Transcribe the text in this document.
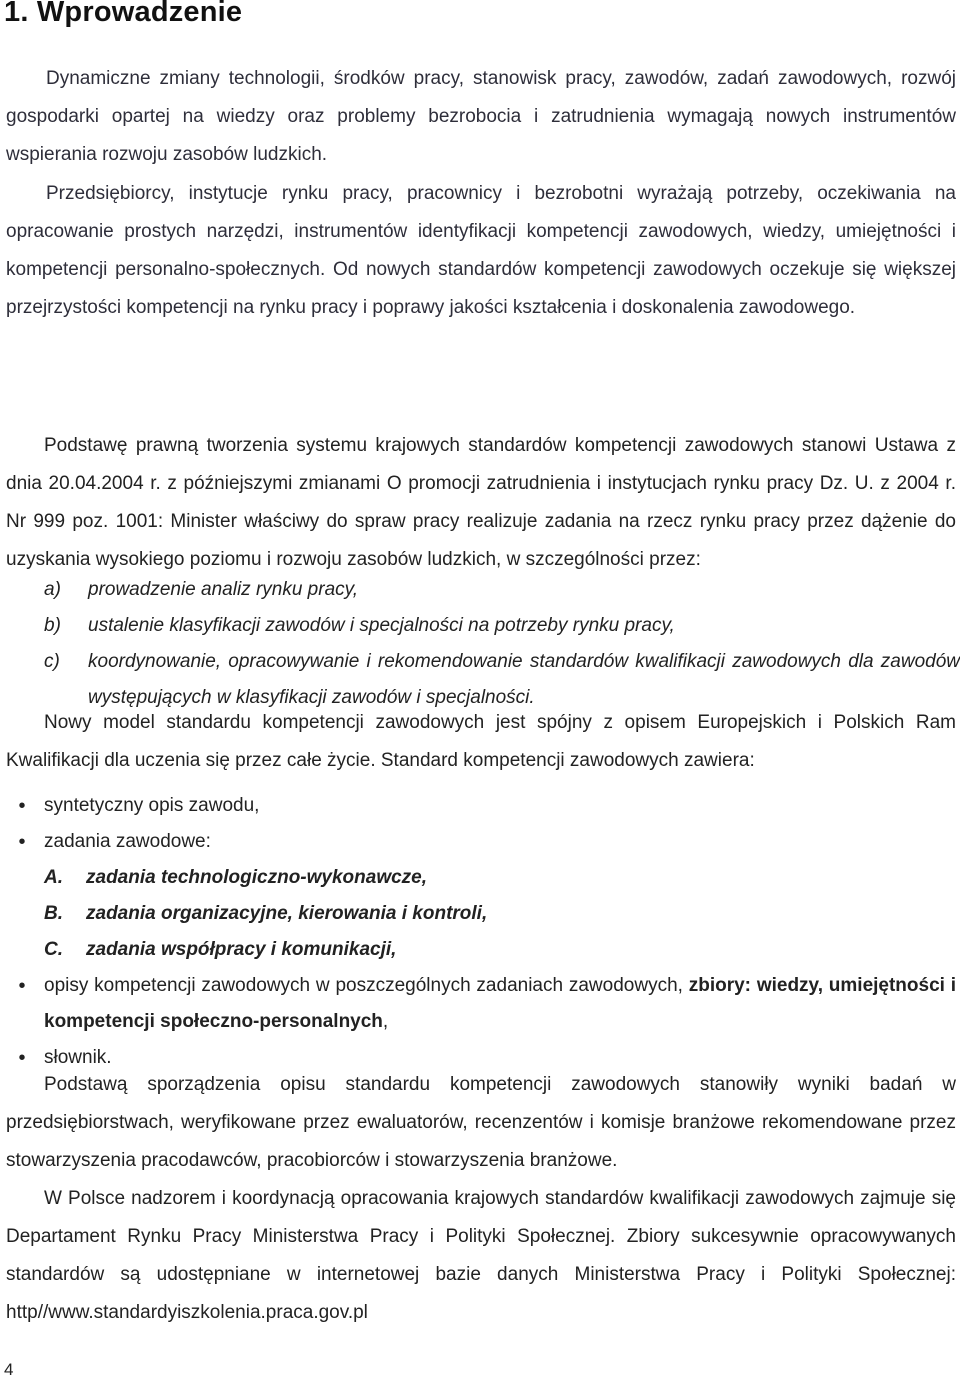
1. Wprowadzenie
Dynamiczne zmiany technologii, środków pracy, stanowisk pracy, zawodów, zadań zawodowych, rozwój gospodarki opartej na wiedzy oraz problemy bezrobocia i zatrudnienia wymagają nowych instrumentów wspierania rozwoju zasobów ludzkich.
Przedsiębiorcy, instytucje rynku pracy, pracownicy i bezrobotni wyrażają potrzeby, oczekiwania na opracowanie prostych narzędzi, instrumentów identyfikacji kompetencji zawodowych, wiedzy, umiejętności i kompetencji personalno-społecznych. Od nowych standardów kompetencji zawodowych oczekuje się większej przejrzystości kompetencji na rynku pracy i poprawy jakości kształcenia i doskonalenia zawodowego.
Podstawę prawną tworzenia systemu krajowych standardów kompetencji zawodowych stanowi Ustawa z dnia 20.04.2004 r. z późniejszymi zmianami O promocji zatrudnienia i instytucjach rynku pracy Dz. U. z 2004 r. Nr 999 poz. 1001: Minister właściwy do spraw pracy realizuje zadania na rzecz rynku pracy przez dążenie do uzyskania wysokiego poziomu i rozwoju zasobów ludzkich, w szczególności przez:
a)	prowadzenie analiz rynku pracy,
b)	ustalenie klasyfikacji zawodów i specjalności na potrzeby rynku pracy,
c)	koordynowanie, opracowywanie i rekomendowanie standardów kwalifikacji zawodowych dla zawodów występujących w klasyfikacji zawodów i specjalności.
Nowy model standardu kompetencji zawodowych jest spójny z opisem Europejskich i Polskich Ram Kwalifikacji dla uczenia się przez całe życie. Standard kompetencji zawodowych zawiera:
• syntetyczny opis zawodu,
• zadania zawodowe:
A.	zadania technologiczno-wykonawcze,
B.	zadania organizacyjne, kierowania i kontroli,
C.	zadania współpracy i komunikacji,
• opisy kompetencji zawodowych w poszczególnych zadaniach zawodowych, zbiory: wiedzy, umiejętności i kompetencji społeczno-personalnych,
• słownik.
Podstawą sporządzenia opisu standardu kompetencji zawodowych stanowiły wyniki badań w przedsiębiorstwach, weryfikowane przez ewaluatorów, recenzentów i komisje branżowe rekomendowane przez stowarzyszenia pracodawców, pracobiorców i stowarzyszenia branżowe.
W Polsce nadzorem i koordynacją opracowania krajowych standardów kwalifikacji zawodowych zajmuje się Departament Rynku Pracy Ministerstwa Pracy i Polityki Społecznej. Zbiory sukcesywnie opracowywanych standardów są udostępniane w internetowej bazie danych Ministerstwa Pracy i Polityki Społecznej: http//www.standardyiszkolenia.praca.gov.pl
4
